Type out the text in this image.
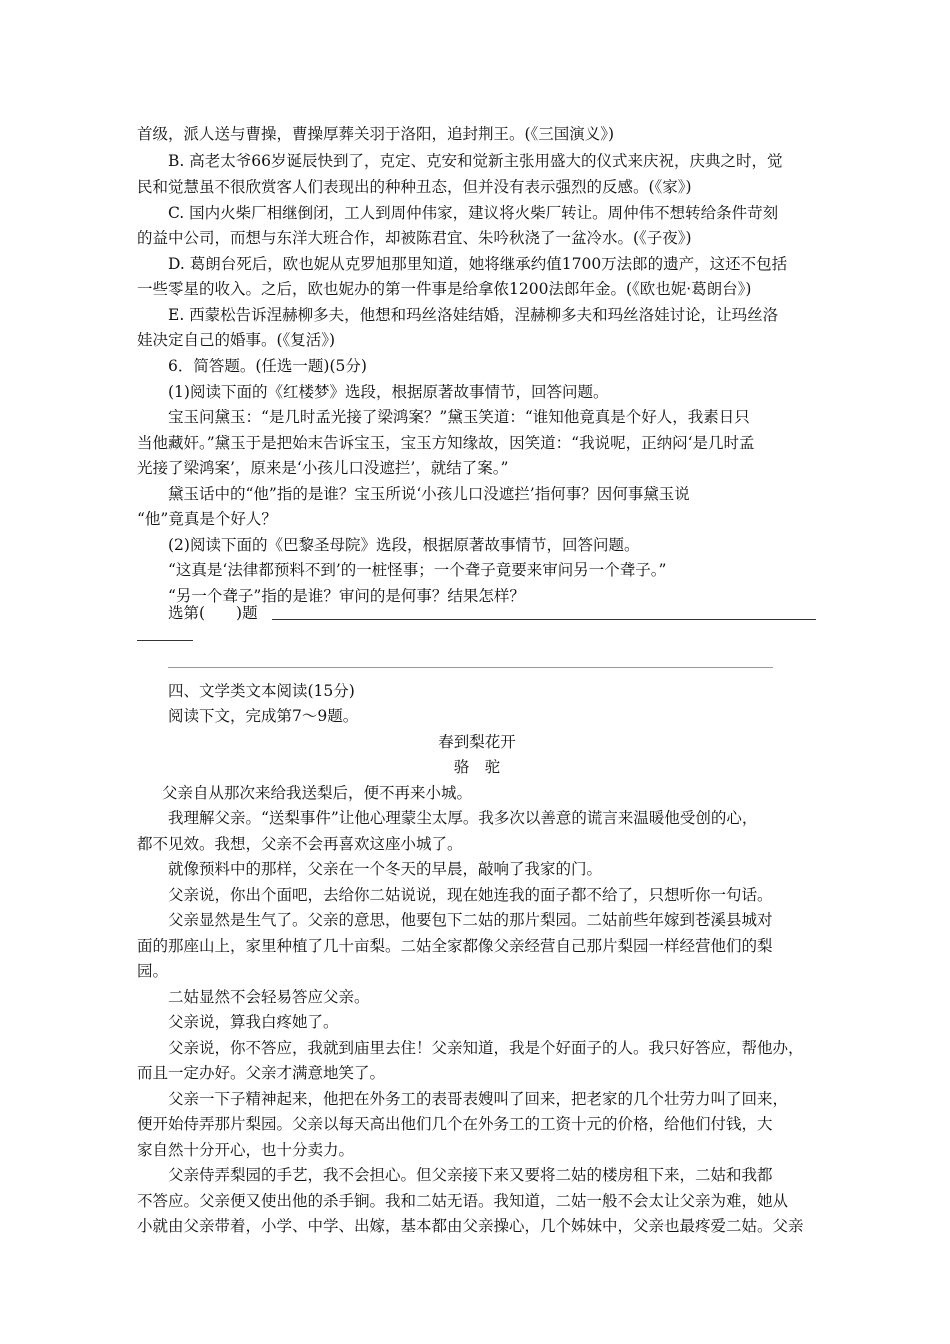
首级，派人送与曹操，曹操厚葬关羽于洛阳，追封荆王。(《三国演义》)
B. 高老太爷66岁诞辰快到了，克定、克安和觉新主张用盛大的仪式来庆祝，庆典之时，觉
民和觉慧虽不很欣赏客人们表现出的种种丑态，但并没有表示强烈的反感。(《家》)
C. 国内火柴厂相继倒闭，工人到周仲伟家，建议将火柴厂转让。周仲伟不想转给条件苛刻
的益中公司，而想与东洋大班合作，却被陈君宜、朱吟秋浇了一盆冷水。(《子夜》)
D. 葛朗台死后，欧也妮从克罗旭那里知道，她将继承约值1700万法郎的遗产，这还不包括
一些零星的收入。之后，欧也妮办的第一件事是给拿侬1200法郎年金。(《欧也妮·葛朗台》)
E. 西蒙松告诉涅赫柳多夫，他想和玛丝洛娃结婚，涅赫柳多夫和玛丝洛娃讨论，让玛丝洛
娃决定自己的婚事。(《复活》)
6．简答题。(任选一题)(5分)
(1)阅读下面的《红楼梦》选段，根据原著故事情节，回答问题。
宝玉问黛玉：“是几时孟光接了梁鸿案？”黛玉笑道：“谁知他竟真是个好人，我素日只
当他藏奸。”黛玉于是把始末告诉宝玉，宝玉方知缘故，因笑道：“我说呢，正纳闷‘是几时孟
光接了梁鸿案’，原来是‘小孩儿口没遮拦’，就结了案。”
黛玉话中的“他”指的是谁？宝玉所说‘小孩儿口没遮拦’指何事？因何事黛玉说
“他”竟真是个好人？
(2)阅读下面的《巴黎圣母院》选段，根据原著故事情节，回答问题。
“这真是‘法律都预料不到’的一桩怪事；一个聋子竟要来审问另一个聋子。”
“另一个聋子”指的是谁？审问的是何事？结果怎样？
选第(　　)题
四、文学类文本阅读(15分)
阅读下文，完成第7～9题。
春到梨花开
骆　驼
父亲自从那次来给我送梨后，便不再来小城。
我理解父亲。“送梨事件”让他心理蒙尘太厚。我多次以善意的谎言来温暖他受创的心，
都不见效。我想，父亲不会再喜欢这座小城了。
就像预料中的那样，父亲在一个冬天的早晨，敲响了我家的门。
父亲说，你出个面吧，去给你二姑说说，现在她连我的面子都不给了，只想听你一句话。
父亲显然是生气了。父亲的意思，他要包下二姑的那片梨园。二姑前些年嫁到苍溪县城对
面的那座山上，家里种植了几十亩梨。二姑全家都像父亲经营自己那片梨园一样经营他们的梨
园。
二姑显然不会轻易答应父亲。
父亲说，算我白疼她了。
父亲说，你不答应，我就到庙里去住！父亲知道，我是个好面子的人。我只好答应，帮他办，
而且一定办好。父亲才满意地笑了。
父亲一下子精神起来，他把在外务工的表哥表嫂叫了回来，把老家的几个壮劳力叫了回来，
便开始侍弄那片梨园。父亲以每天高出他们几个在外务工的工资十元的价格，给他们付钱，大
家自然十分开心，也十分卖力。
父亲侍弄梨园的手艺，我不会担心。但父亲接下来又要将二姑的楼房租下来，二姑和我都
不答应。父亲便又使出他的杀手锏。我和二姑无语。我知道，二姑一般不会太让父亲为难，她从
小就由父亲带着，小学、中学、出嫁，基本都由父亲操心，几个姊妹中，父亲也最疼爱二姑。父亲
